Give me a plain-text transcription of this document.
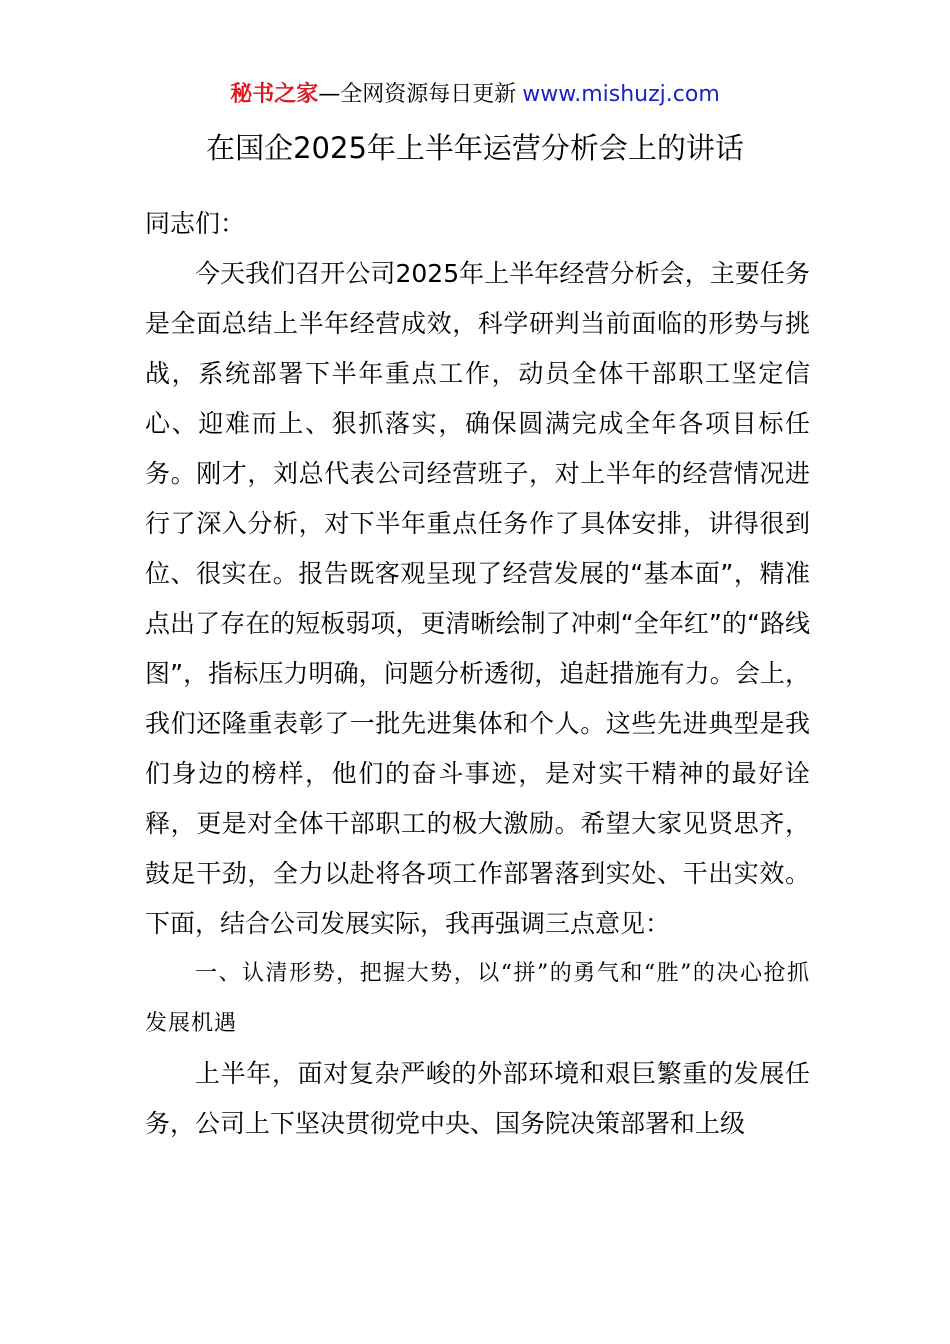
秘书之家—全网资源每日更新 www.mishuzj.com
在国企2025年上半年运营分析会上的讲话

同志们：

今天我们召开公司2025年上半年经营分析会，主要任务是全面总结上半年经营成效，科学研判当前面临的形势与挑战，系统部署下半年重点工作，动员全体干部职工坚定信心、迎难而上、狠抓落实，确保圆满完成全年各项目标任务。刚才，刘总代表公司经营班子，对上半年的经营情况进行了深入分析，对下半年重点任务作了具体安排，讲得很到位、很实在。报告既客观呈现了经营发展的“基本面”，精准点出了存在的短板弱项，更清晰绘制了冲刺“全年红”的“路线图”，指标压力明确，问题分析透彻，追赶措施有力。会上，我们还隆重表彰了一批先进集体和个人。这些先进典型是我们身边的榜样，他们的奋斗事迹，是对实干精神的最好诠释，更是对全体干部职工的极大激励。希望大家见贤思齐，鼓足干劲，全力以赴将各项工作部署落到实处、干出实效。下面，结合公司发展实际，我再强调三点意见：

一、认清形势，把握大势，以“拼”的勇气和“胜”的决心抢抓发展机遇

上半年，面对复杂严峻的外部环境和艰巨繁重的发展任务，公司上下坚决贯彻党中央、国务院决策部署和上级
